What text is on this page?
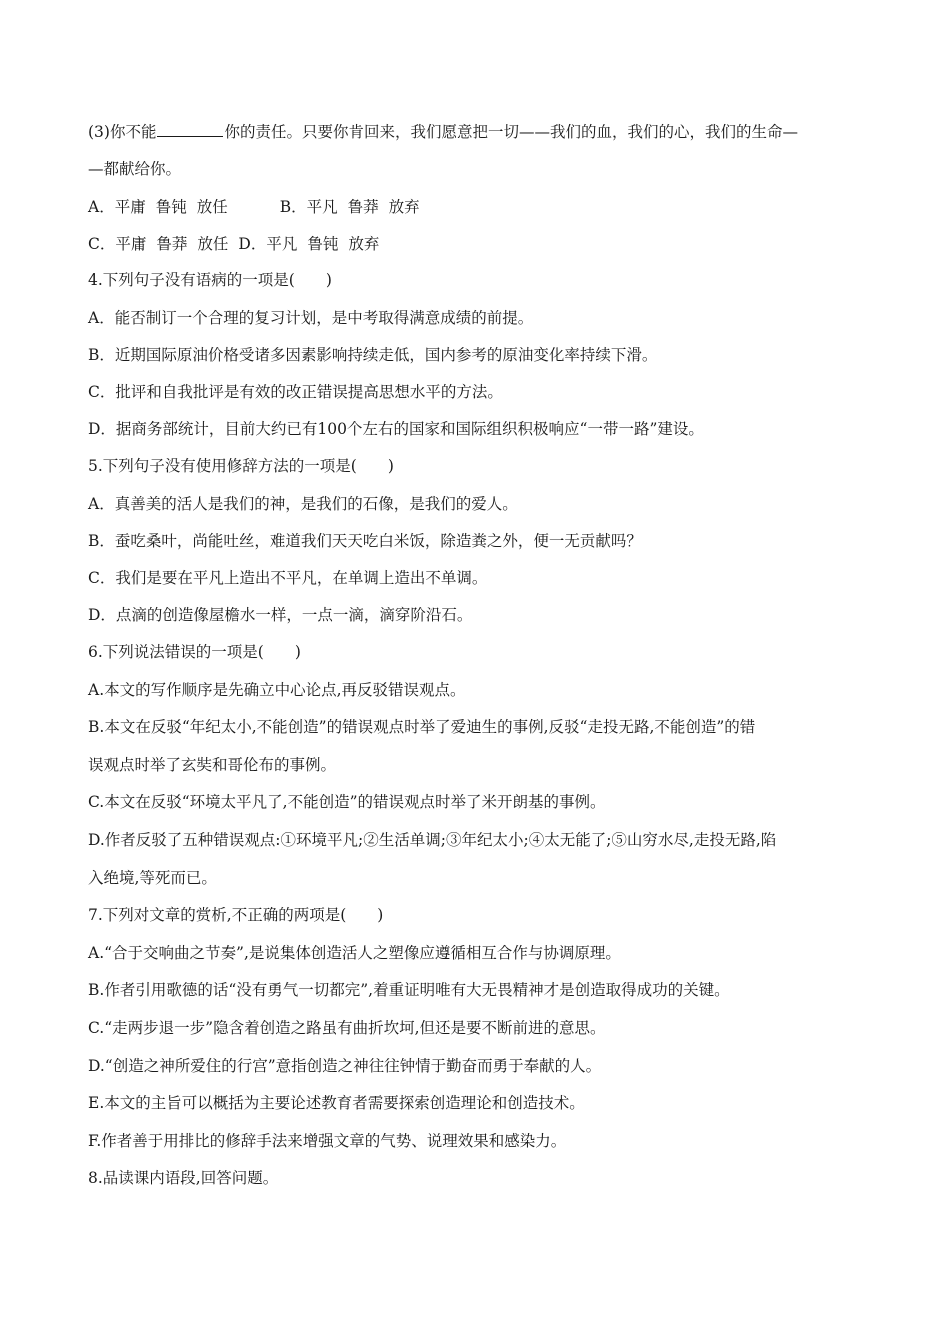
(3)你不能	你的责任。只要你肯回来，我们愿意把一切——我们的血，我们的心，我们的生命—
—都献给你。
A．平庸 鲁钝 放任	B．平凡 鲁莽 放弃
C．平庸 鲁莽 放任 D．平凡 鲁钝 放弃
4.下列句子没有语病的一项是(　　)
A．能否制订一个合理的复习计划，是中考取得满意成绩的前提。
B．近期国际原油价格受诸多因素影响持续走低，国内参考的原油变化率持续下滑。
C．批评和自我批评是有效的改正错误提高思想水平的方法。
D．据商务部统计，目前大约已有100个左右的国家和国际组织积极响应“一带一路”建设。
5.下列句子没有使用修辞方法的一项是(　　)
A．真善美的活人是我们的神，是我们的石像，是我们的爱人。
B．蚕吃桑叶，尚能吐丝，难道我们天天吃白米饭，除造粪之外，便一无贡献吗？
C．我们是要在平凡上造出不平凡，在单调上造出不单调。
D．点滴的创造像屋檐水一样，一点一滴，滴穿阶沿石。
6.下列说法错误的一项是(　　)
A.本文的写作顺序是先确立中心论点,再反驳错误观点。
B.本文在反驳“年纪太小,不能创造”的错误观点时举了爱迪生的事例,反驳“走投无路,不能创造”的错
误观点时举了玄奘和哥伦布的事例。
C.本文在反驳“环境太平凡了,不能创造”的错误观点时举了米开朗基的事例。
D.作者反驳了五种错误观点:①环境平凡;②生活单调;③年纪太小;④太无能了;⑤山穷水尽,走投无路,陷
入绝境,等死而已。
7.下列对文章的赏析,不正确的两项是(　　)
A.“合于交响曲之节奏”,是说集体创造活人之塑像应遵循相互合作与协调原理。
B.作者引用歌德的话“没有勇气一切都完”,着重证明唯有大无畏精神才是创造取得成功的关键。
C.“走两步退一步”隐含着创造之路虽有曲折坎坷,但还是要不断前进的意思。
D.“创造之神所爱住的行宫”意指创造之神往往钟情于勤奋而勇于奉献的人。
E.本文的主旨可以概括为主要论述教育者需要探索创造理论和创造技术。
F.作者善于用排比的修辞手法来增强文章的气势、说理效果和感染力。
8.品读课内语段,回答问题。
